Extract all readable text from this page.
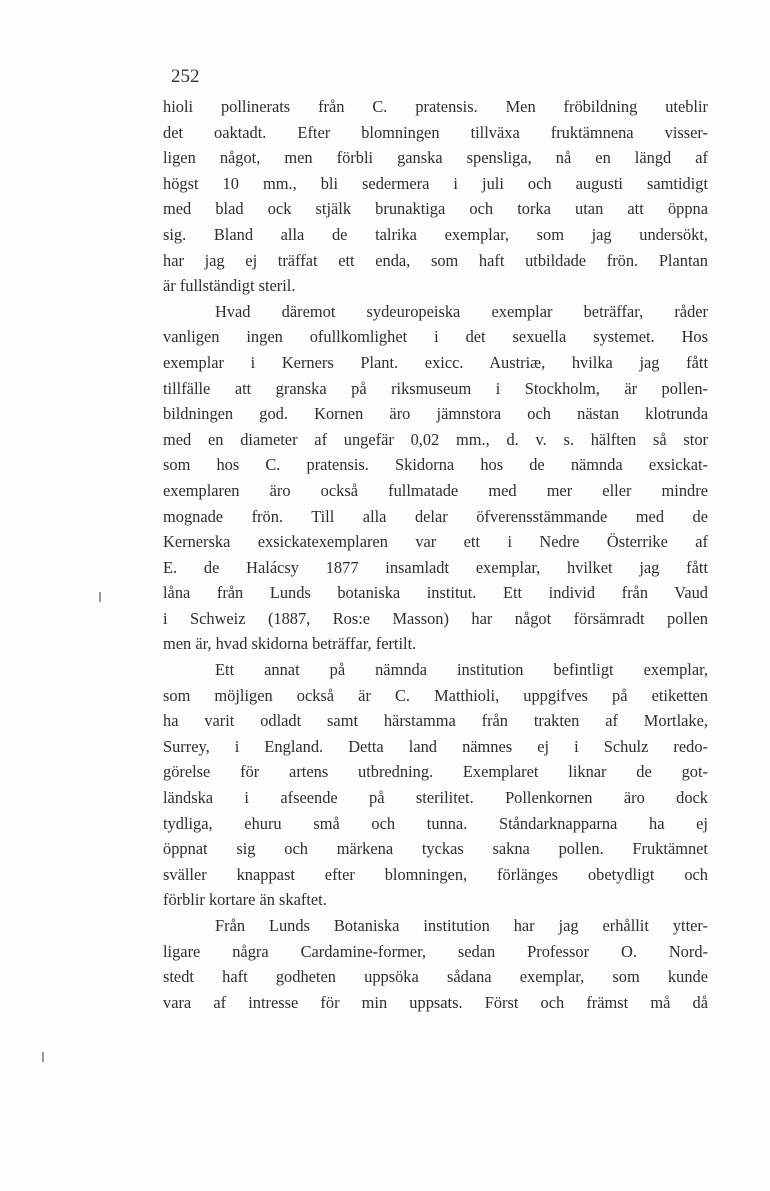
252
hioli pollinerats från C. pratensis. Men fröbildning uteblir
det oaktadt. Efter blomningen tillväxa fruktämnena visser-
ligen något, men förbli ganska spensliga, nå en längd af
högst 10 mm., bli sedermera i juli och augusti samtidigt
med blad ock stjälk brunaktiga och torka utan att öppna
sig. Bland alla de talrika exemplar, som jag undersökt,
har jag ej träffat ett enda, som haft utbildade frön. Plantan
är fullständigt steril.
Hvad däremot sydeuropeiska exemplar beträffar, råder
vanligen ingen ofullkomlighet i det sexuella systemet. Hos
exemplar i Kerners Plant. exicc. Austriæ, hvilka jag fått
tillfälle att granska på riksmuseum i Stockholm, är pollen-
bildningen god. Kornen äro jämnstora och nästan klotrunda
med en diameter af ungefär 0,02 mm., d. v. s. hälften så stor
som hos C. pratensis. Skidorna hos de nämnda exsickat-
exemplaren äro också fullmatade med mer eller mindre
mognade frön. Till alla delar öfverensstämmande med de
Kernerska exsickatexemplaren var ett i Nedre Österrike af
E. de Halácsy 1877 insamladt exemplar, hvilket jag fått
låna från Lunds botaniska institut. Ett individ från Vaud
i Schweiz (1887, Ros:e Masson) har något försämradt pollen
men är, hvad skidorna beträffar, fertilt.
Ett annat på nämnda institution befintligt exemplar,
som möjligen också är C. Matthioli, uppgifves på etiketten
ha varit odladt samt härstamma från trakten af Mortlake,
Surrey, i England. Detta land nämnes ej i Schulz redo-
görelse för artens utbredning. Exemplaret liknar de got-
ländska i afseende på sterilitet. Pollenkornen äro dock
tydliga, ehuru små och tunna. Ståndarknapparna ha ej
öppnat sig och märkena tyckas sakna pollen. Fruktämnet
sväller knappast efter blomningen, förlänges obetydligt och
förblir kortare än skaftet.
Från Lunds Botaniska institution har jag erhållit ytter-
ligare några Cardamine-former, sedan Professor O. Nord-
stedt haft godheten uppsöka sådana exemplar, som kunde
vara af intresse för min uppsats. Först och främst må då
